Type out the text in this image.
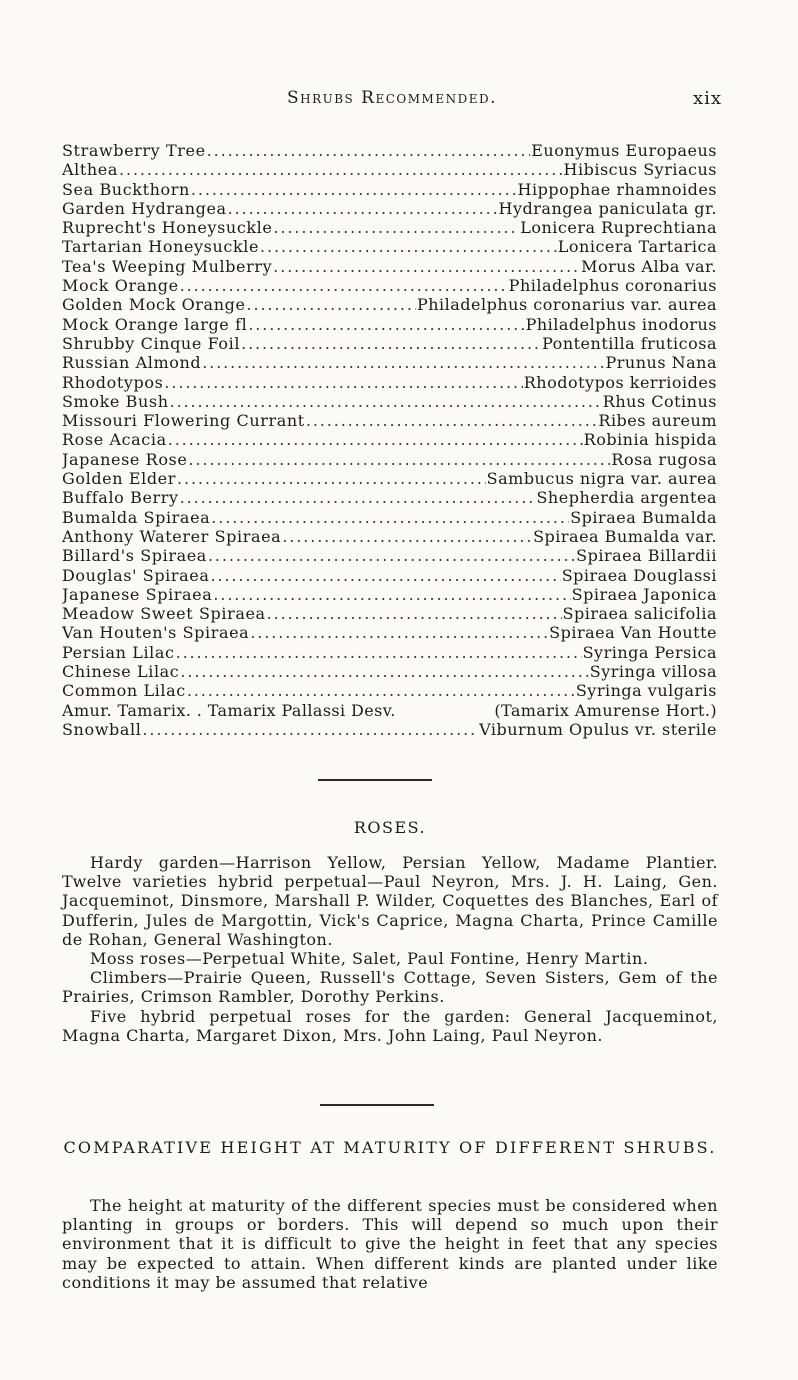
Shrubs Recommended.	xix
Strawberry Tree . . .	Euonymus Europaeus
Althea . . .	Hibiscus Syriacus
Sea Buckthorn . . .	Hippophae rhamnoides
Garden Hydrangea . . .	Hydrangea paniculata gr.
Ruprecht's Honeysuckle . . .	Lonicera Ruprechtiana
Tartarian Honeysuckle . . .	Lonicera Tartarica
Tea's Weeping Mulberry . . .	Morus Alba var.
Mock Orange . . .	Philadelphus coronarius
Golden Mock Orange . . .	Philadelphus coronarius var. aurea
Mock Orange large fl . . .	Philadelphus inodorus
Shrubby Cinque Foil . . .	Pontentilla fruticosa
Russian Almond . . .	Prunus Nana
Rhodotypos . . .	Rhodotypos kerrioides
Smoke Bush . . .	Rhus Cotinus
Missouri Flowering Currant . . .	Ribes aureum
Rose Acacia . . .	Robinia hispida
Japanese Rose . . .	Rosa rugosa
Golden Elder . . .	Sambucus nigra var. aurea
Buffalo Berry . . .	Shepherdia argentea
Bumalda Spiraea . . .	Spiraea Bumalda
Anthony Waterer Spiraea . . .	Spiraea Bumalda var.
Billard's Spiraea . . .	Spiraea Billardii
Douglas' Spiraea . . .	Spiraea Douglassi
Japanese Spiraea . . .	Spiraea Japonica
Meadow Sweet Spiraea . . .	Spiraea salicifolia
Van Houten's Spiraea . . .	Spiraea Van Houtte
Persian Lilac . . .	Syringa Persica
Chinese Lilac . . .	Syringa villosa
Common Lilac . . .	Syringa vulgaris
Amur. Tamarix. . Tamarix Pallassi Desv.	(Tamarix Amurense Hort.)
Snowball . . .	Viburnum Opulus vr. sterile
ROSES.

Hardy garden—Harrison Yellow, Persian Yellow, Madame Plantier. Twelve varieties hybrid perpetual—Paul Neyron, Mrs. J. H. Laing, Gen. Jacqueminot, Dinsmore, Marshall P. Wilder, Coquettes des Blanches, Earl of Dufferin, Jules de Margottin, Vick's Caprice, Magna Charta, Prince Camille de Rohan, General Washington.

Moss roses—Perpetual White, Salet, Paul Fontine, Henry Martin.

Climbers—Prairie Queen, Russell's Cottage, Seven Sisters, Gem of the Prairies, Crimson Rambler, Dorothy Perkins.

Five hybrid perpetual roses for the garden: General Jacqueminot, Magna Charta, Margaret Dixon, Mrs. John Laing, Paul Neyron.

COMPARATIVE HEIGHT AT MATURITY OF DIFFERENT SHRUBS.

The height at maturity of the different species must be considered when planting in groups or borders. This will depend so much upon their environment that it is difficult to give the height in feet that any species may be expected to attain. When different kinds are planted under like conditions it may be assumed that relative
